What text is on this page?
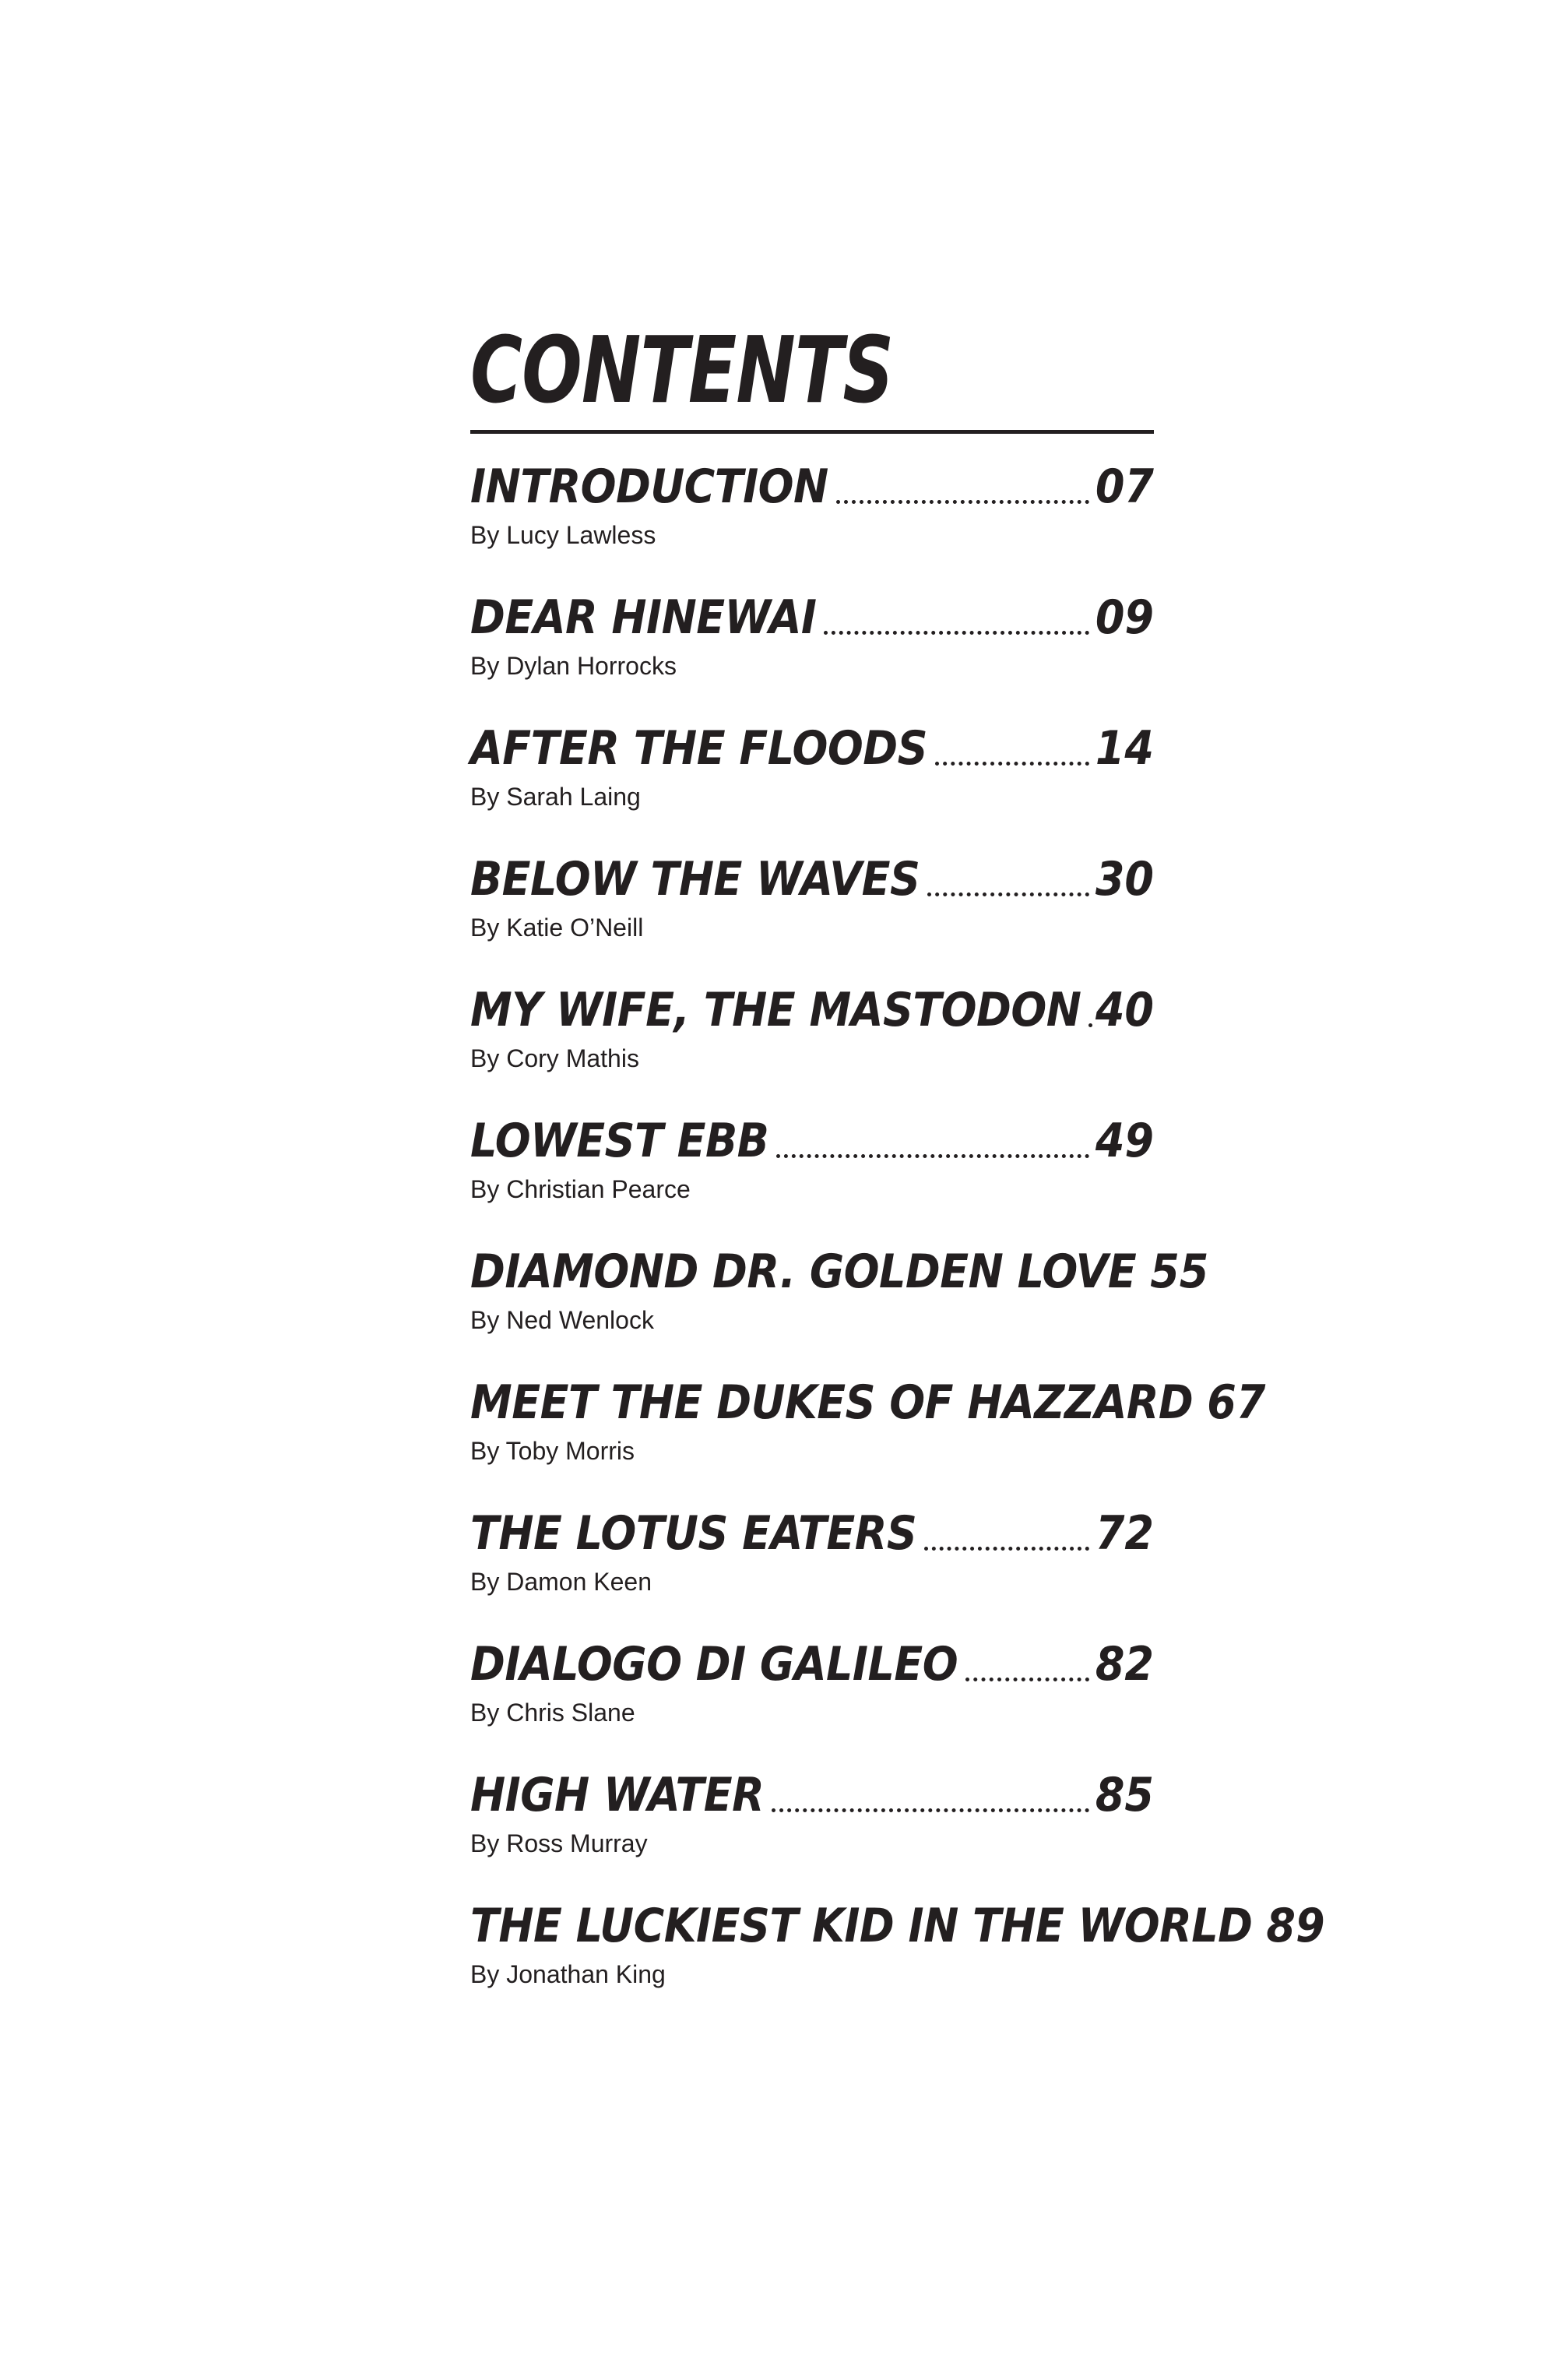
CONTENTS
INTRODUCTION	07
By Lucy Lawless
DEAR HINEWAI	09
By Dylan Horrocks
AFTER THE FLOODS	14
By Sarah Laing
BELOW THE WAVES	30
By Katie O’Neill
MY WIFE, THE MASTODON 40
By Cory Mathis
LOWEST EBB	49
By Christian Pearce
DIAMOND DR. GOLDEN LOVE 55
By Ned Wenlock
MEET THE DUKES OF HAZZARD 67
By Toby Morris
THE LOTUS EATERS	72
By Damon Keen
DIALOGO DI GALILEO	82
By Chris Slane
HIGH WATER	85
By Ross Murray
THE LUCKIEST KID IN THE WORLD 89
By Jonathan King
